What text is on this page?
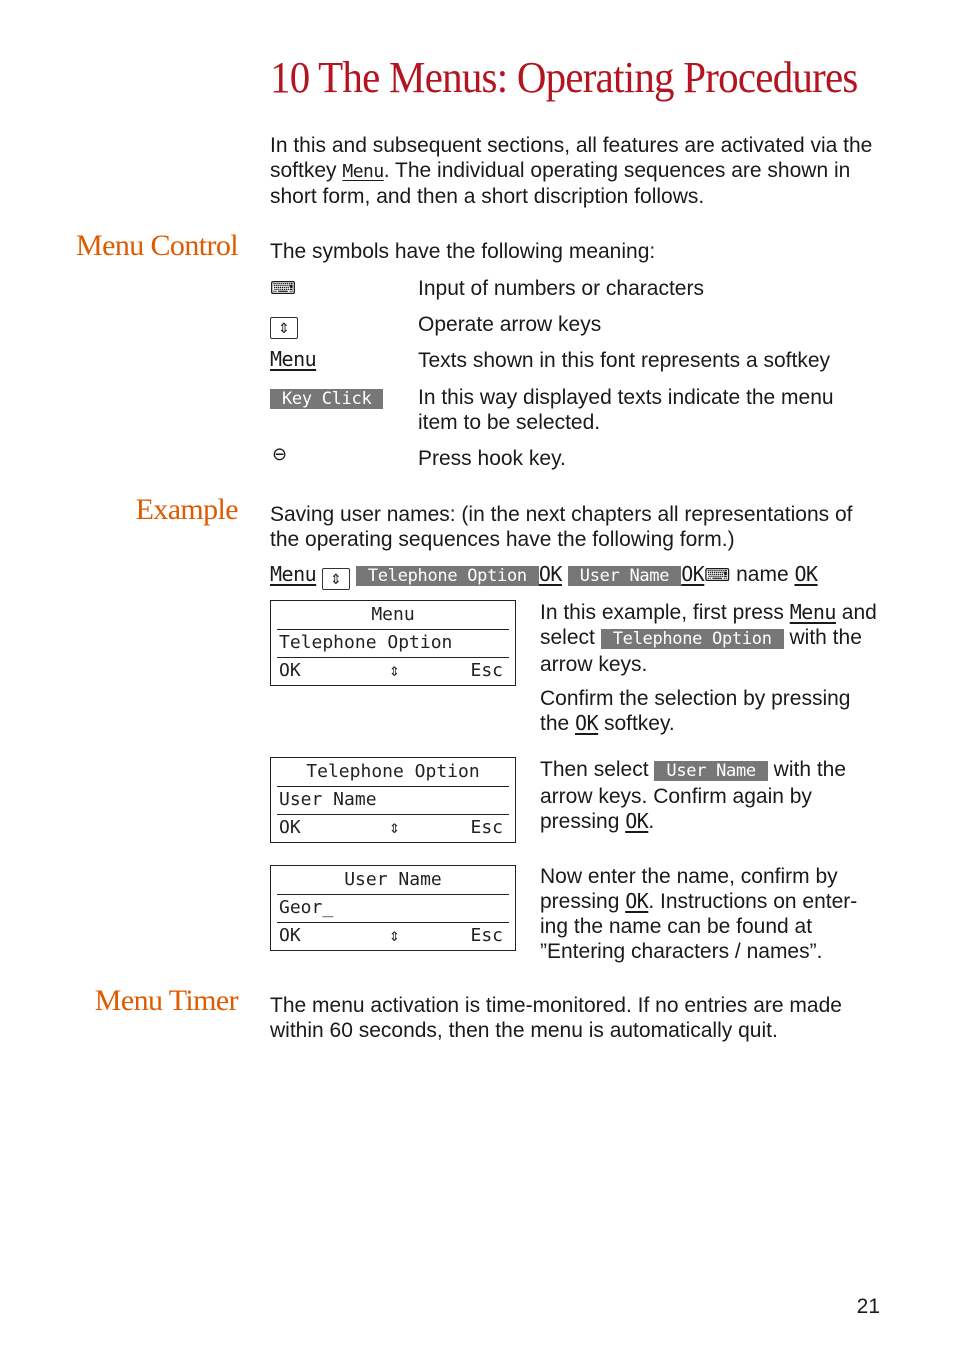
10 The Menus: Operating Procedures
In this and subsequent sections, all features are activated via the softkey Menu. The individual operating sequences are shown in short form, and then a short discription follows.
Menu Control The symbols have the following meaning:
⌨	Input of numbers or characters
⇕	Operate arrow keys
Menu	Texts shown in this font represents a softkey
Key Click	In this way displayed texts indicate the menu item to be selected.
⊖	Press hook key.
Example Saving user names: (in the next chapters all representations of the operating sequences have the following form.)
Menu ⇕ Telephone Option OK User Name OK⌨ name OK
Menu
Telephone Option
OK	⇕	Esc
In this example, first press Menu and select Telephone Option with the arrow keys.
Confirm the selection by pressing the OK softkey.
Telephone Option
User Name
OK	⇕	Esc
Then select User Name with the arrow keys. Confirm again by pressing OK.
User Name
Geor_
OK	⇕	Esc
Now enter the name, confirm by pressing OK. Instructions on enter-ing the name can be found at ”Entering characters / names”.
Menu Timer The menu activation is time-monitored. If no entries are made within 60 seconds, then the menu is automatically quit.
21
